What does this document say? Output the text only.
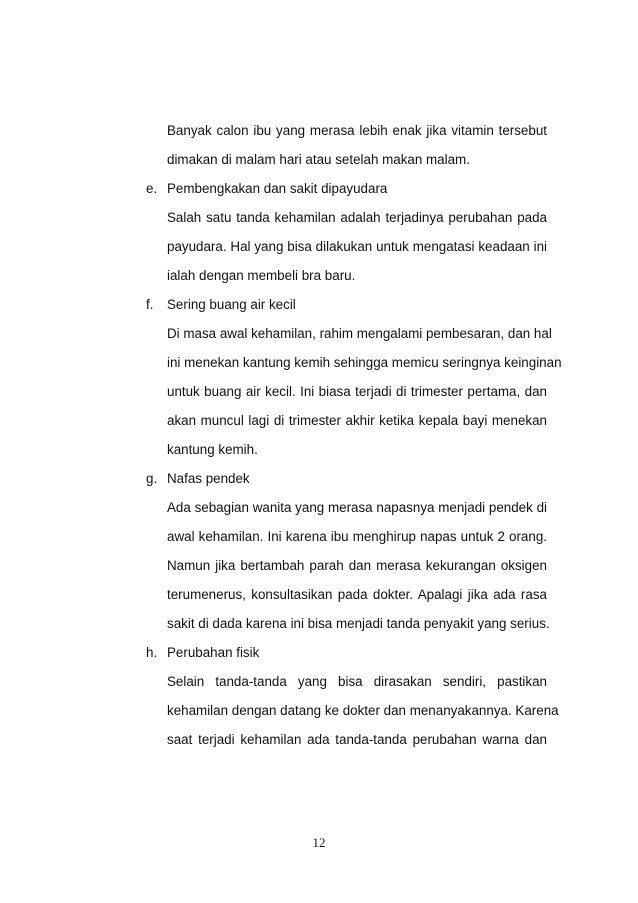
Banyak calon ibu yang merasa lebih enak jika vitamin tersebut
dimakan di malam hari atau setelah makan malam.
e. Pembengkakan dan sakit dipayudara
Salah satu tanda kehamilan adalah terjadinya perubahan pada
payudara. Hal yang bisa dilakukan untuk mengatasi keadaan ini
ialah dengan membeli bra baru.
f. Sering buang air kecil
Di masa awal kehamilan, rahim mengalami pembesaran, dan hal
ini menekan kantung kemih sehingga memicu seringnya keinginan
untuk buang air kecil. Ini biasa terjadi di trimester pertama, dan
akan muncul lagi di trimester akhir ketika kepala bayi menekan
kantung kemih.
g. Nafas pendek
Ada sebagian wanita yang merasa napasnya menjadi pendek di
awal kehamilan. Ini karena ibu menghirup napas untuk 2 orang.
Namun jika bertambah parah dan merasa kekurangan oksigen
terumenerus, konsultasikan pada dokter. Apalagi jika ada rasa
sakit di dada karena ini bisa menjadi tanda penyakit yang serius.
h. Perubahan fisik
Selain tanda-tanda yang bisa dirasakan sendiri, pastikan
kehamilan dengan datang ke dokter dan menanyakannya. Karena
saat terjadi kehamilan ada tanda-tanda perubahan warna dan
12
